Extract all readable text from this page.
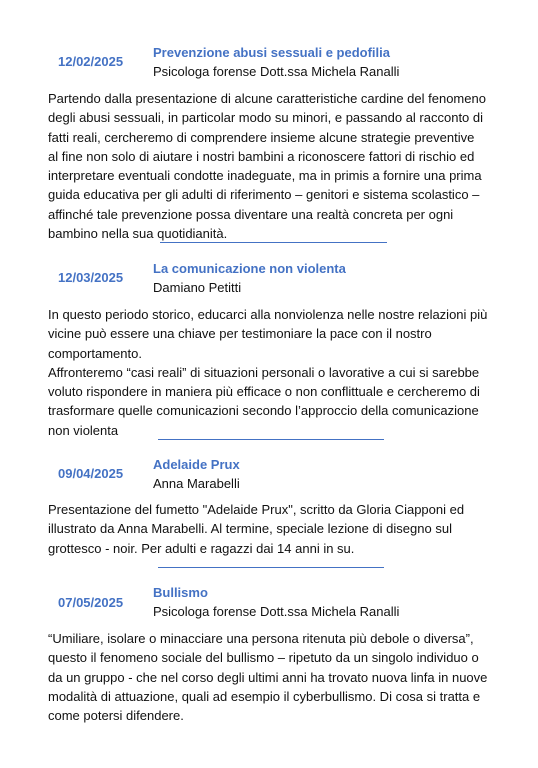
12/02/2025
Prevenzione abusi sessuali e pedofilia
Psicologa forense Dott.ssa Michela Ranalli
Partendo dalla presentazione di alcune caratteristiche cardine del fenomeno
degli abusi sessuali, in particolar modo su minori, e passando al racconto di
fatti reali, cercheremo di comprendere insieme alcune strategie preventive
al fine non solo di aiutare i nostri bambini a riconoscere fattori di rischio ed
interpretare eventuali condotte inadeguate, ma in primis a fornire una prima
guida educativa per gli adulti di riferimento – genitori e sistema scolastico –
affinché tale prevenzione possa diventare una realtà concreta per ogni
bambino nella sua quotidianità.
12/03/2025
La comunicazione non violenta
Damiano Petitti
In questo periodo storico, educarci alla nonviolenza nelle nostre relazioni più
vicine può essere una chiave per testimoniare la pace con il nostro
comportamento.
Affronteremo “casi reali” di situazioni personali o lavorative a cui si sarebbe
voluto rispondere in maniera più efficace o non conflittuale e cercheremo di
trasformare quelle comunicazioni secondo l’approccio della comunicazione
non violenta
09/04/2025
Adelaide Prux
Anna Marabelli
Presentazione del fumetto "Adelaide Prux", scritto da Gloria Ciapponi ed
illustrato da Anna Marabelli. Al termine, speciale lezione di disegno sul
grottesco - noir. Per adulti e ragazzi dai 14 anni in su.
07/05/2025
Bullismo
Psicologa forense Dott.ssa Michela Ranalli
“Umiliare, isolare o minacciare una persona ritenuta più debole o diversa”,
questo il fenomeno sociale del bullismo – ripetuto da un singolo individuo o
da un gruppo - che nel corso degli ultimi anni ha trovato nuova linfa in nuove
modalità di attuazione, quali ad esempio il cyberbullismo. Di cosa si tratta e
come potersi difendere.
